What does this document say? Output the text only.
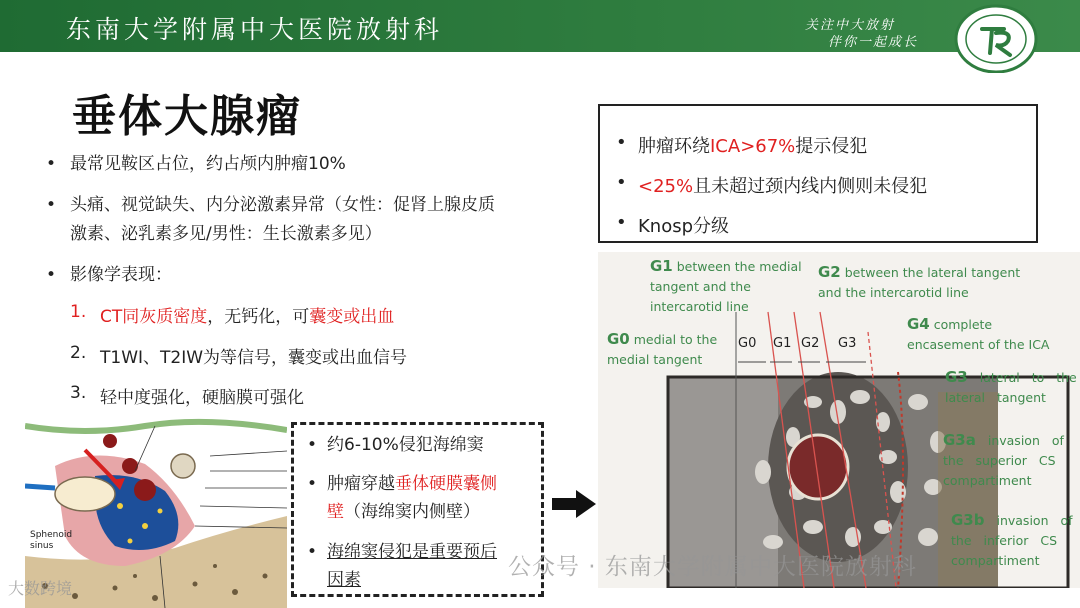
东南大学附属中大医院放射科	关注中大放射
伴你一起成长
垂体大腺瘤
• 最常见鞍区占位，约占颅内肿瘤10%
• 头痛、视觉缺失、内分泌激素异常（女性：促肾上腺皮质
激素、泌乳素多见/男性：生长激素多见）
• 影像学表现：
1. CT同灰质密度，无钙化，可囊变或出血
2. T1WI、T2IW为等信号，囊变或出血信号
3. 轻中度强化，硬脑膜可强化
• 肿瘤环绕ICA>67%提示侵犯
• <25%且未超过颈内线内侧则未侵犯
• Knosp分级
G1 between the medial
tangent and the
intercarotid line
G2 between the lateral tangent
and the intercarotid line
G0 medial to the
medial tangent
G4 complete
encasement of the ICA
G3 lateral to the
lateral tangent
G3a invasion of
the superior CS
compartiment
G3b invasion of
the inferior CS
compartiment
G0 G1 G2 G3
Sphenoid
sinus
• 约6-10%侵犯海绵窦
• 肿瘤穿越垂体硬膜囊侧
壁（海绵窦内侧壁）
• 海绵窦侵犯是重要预后
因素	公众号 · 东南大学附属中大医院放射科
大数跨境
